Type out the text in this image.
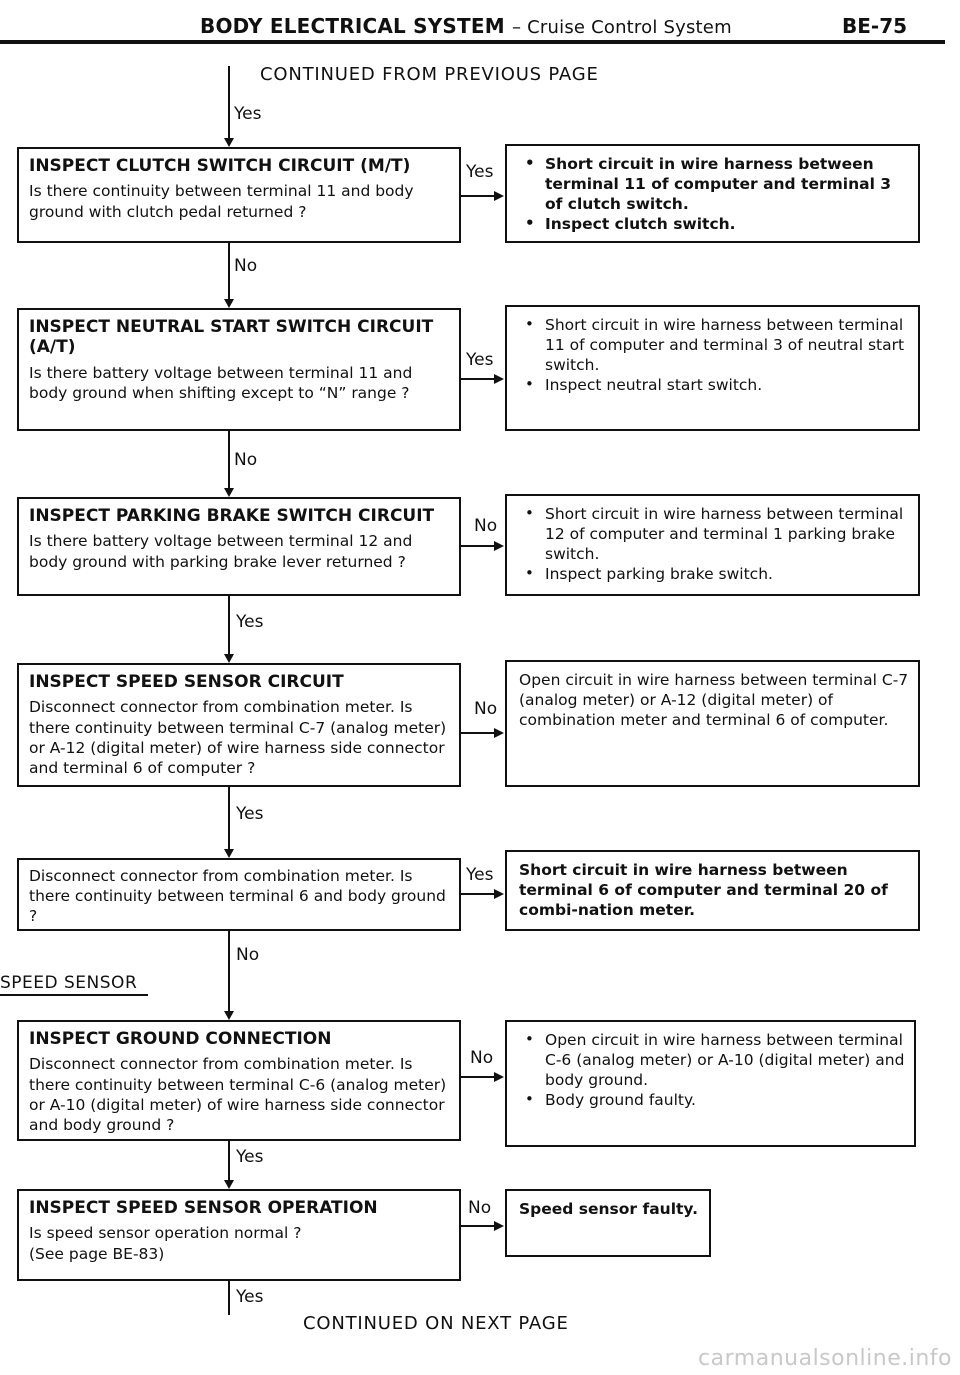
BODY ELECTRICAL SYSTEM – Cruise Control System	BE-75
CONTINUED FROM PREVIOUS PAGE
Yes
INSPECT CLUTCH SWITCH CIRCUIT (M/T)
Is there continuity between terminal 11 and body ground with clutch pedal returned ?
Yes
•	Short circuit in wire harness between terminal 11 of computer and terminal 3 of clutch switch.
• Inspect clutch switch.
No
INSPECT NEUTRAL START SWITCH CIRCUIT (A/T)
Is there battery voltage between terminal 11 and body ground when shifting except to “N” range ?
Yes
• Short circuit in wire harness between terminal 11 of computer and terminal 3 of neutral start switch.
• Inspect neutral start switch.
No
INSPECT PARKING BRAKE SWITCH CIRCUIT
Is there battery voltage between terminal 12 and body ground with parking brake lever returned ?
No
• Short circuit in wire harness between terminal 12 of computer and terminal 1 parking brake switch.
• Inspect parking brake switch.
Yes
INSPECT SPEED SENSOR CIRCUIT
Disconnect connector from combination meter. Is there continuity between terminal C-7 (analog meter) or A-12 (digital meter) of wire harness side connector and terminal 6 of computer ?
No

Open circuit in wire harness between terminal C-7 (analog meter) or A-12 (digital meter) of combination meter and terminal 6 of computer.

Yes
Disconnect connector from combination meter. Is there continuity between terminal 6 and body ground ?
Yes Short circuit in wire harness between terminal 6 of computer and terminal 20 of combi-nation meter.

No
SPEED SENSOR
INSPECT GROUND CONNECTION
Disconnect connector from combination meter. Is there continuity between terminal C-6 (analog meter) or A-10 (digital meter) of wire harness side connector and body ground ?
No
• Open circuit in wire harness between terminal C-6 (analog meter) or A-10 (digital meter) and body ground.
• Body ground faulty.
Yes
INSPECT SPEED SENSOR OPERATION
Is speed sensor operation normal ? (See page BE-83)
No Speed sensor faulty.

Yes
CONTINUED ON NEXT PAGE
carmanualsonline.info
